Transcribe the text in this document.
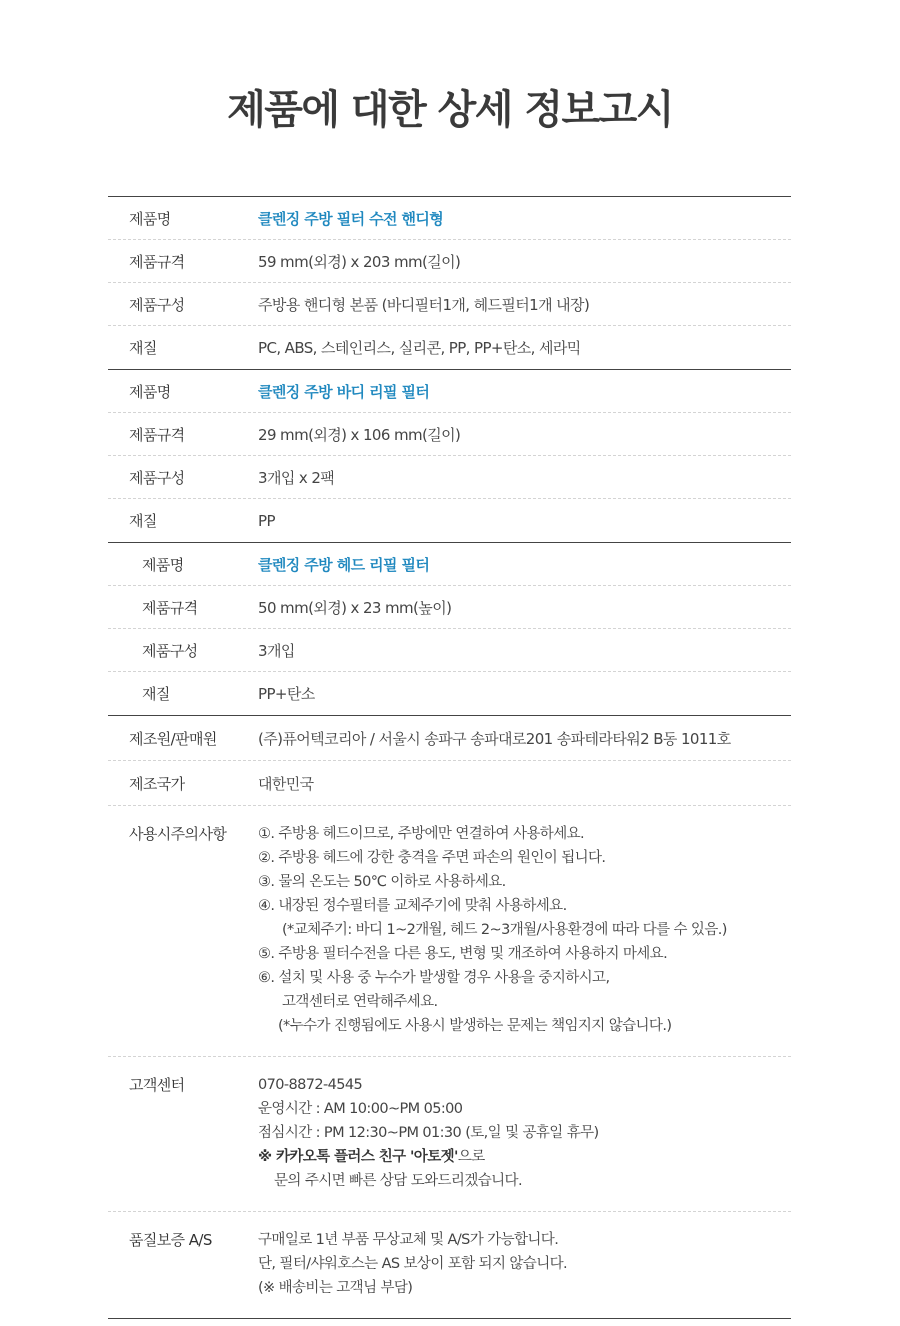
제품에 대한 상세 정보고시
제품명	클렌징 주방 필터 수전 핸디형
제품규격	59 mm(외경) x 203 mm(길이)
제품구성	주방용 핸디형 본품 (바디필터1개, 헤드필터1개 내장)
재질	PC, ABS, 스테인리스, 실리콘, PP, PP+탄소, 세라믹
제품명	클렌징 주방 바디 리필 필터
제품규격	29 mm(외경) x 106 mm(길이)
제품구성	3개입 x 2팩
재질	PP
제품명	클렌징 주방 헤드 리필 필터
제품규격	50 mm(외경) x 23 mm(높이)
제품구성	3개입
재질	PP+탄소
제조원/판매원	(주)퓨어텍코리아 / 서울시 송파구 송파대로201 송파테라타워2 B동 1011호
제조국가	대한민국
사용시주의사항	①. 주방용 헤드이므로, 주방에만 연결하여 사용하세요.
②. 주방용 헤드에 강한 충격을 주면 파손의 원인이 됩니다.
③. 물의 온도는 50℃ 이하로 사용하세요.
④. 내장된 정수필터를 교체주기에 맞춰 사용하세요.
(*교체주기: 바디 1~2개월, 헤드 2~3개월/사용환경에 따라 다를 수 있음.)
⑤. 주방용 필터수전을 다른 용도, 변형 및 개조하여 사용하지 마세요.
⑥. 설치 및 사용 중 누수가 발생할 경우 사용을 중지하시고,
고객센터로 연락해주세요.
(*누수가 진행됨에도 사용시 발생하는 문제는 책임지지 않습니다.)
고객센터	070-8872-4545
운영시간 : AM 10:00~PM 05:00
점심시간 : PM 12:30~PM 01:30 (토,일 및 공휴일 휴무)
※ 카카오톡 플러스 친구 '아토젯'으로
문의 주시면 빠른 상담 도와드리겠습니다.
품질보증 A/S	구매일로 1년 부품 무상교체 및 A/S가 가능합니다.
단, 필터/샤워호스는 AS 보상이 포함 되지 않습니다.
(※ 배송비는 고객님 부담)
